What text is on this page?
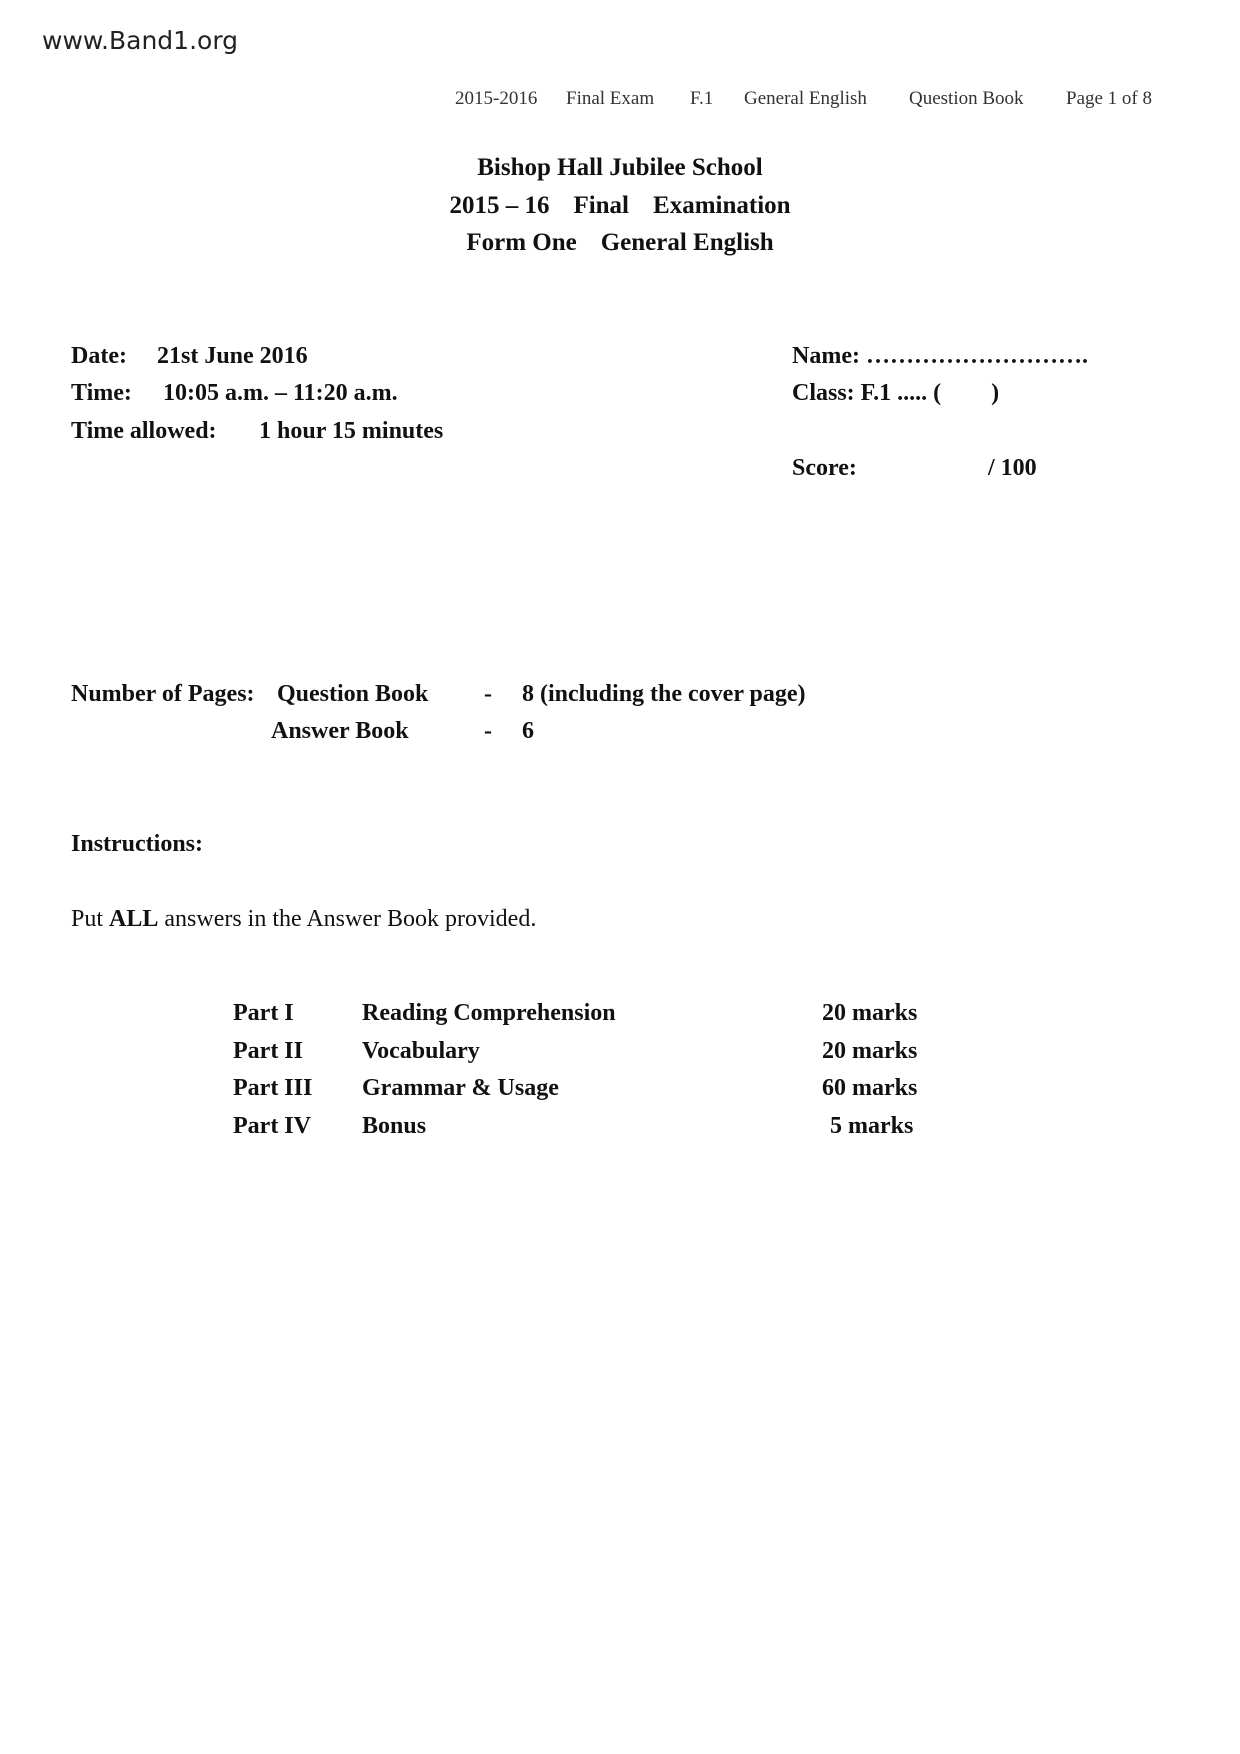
www.Band1.org
2015-2016 Final Exam F.1 General English Question Book Page 1 of 8
Bishop Hall Jubilee School
2015 – 16 Final Examination
Form One General English
Date: 21st June 2016
Time: 10:05 a.m. – 11:20 a.m.
Time allowed: 1 hour 15 minutes
Name: ……………………….
Class: F.1 ..... ( )
Score:	/ 100
Number of Pages: Question Book - 8 (including the cover page)
Answer Book	- 6
Instructions:
Put ALL answers in the Answer Book provided.
Part I	Reading Comprehension	20 marks
Part II Vocabulary	20 marks
Part III Grammar & Usage	60 marks
Part IV Bonus	5 marks
